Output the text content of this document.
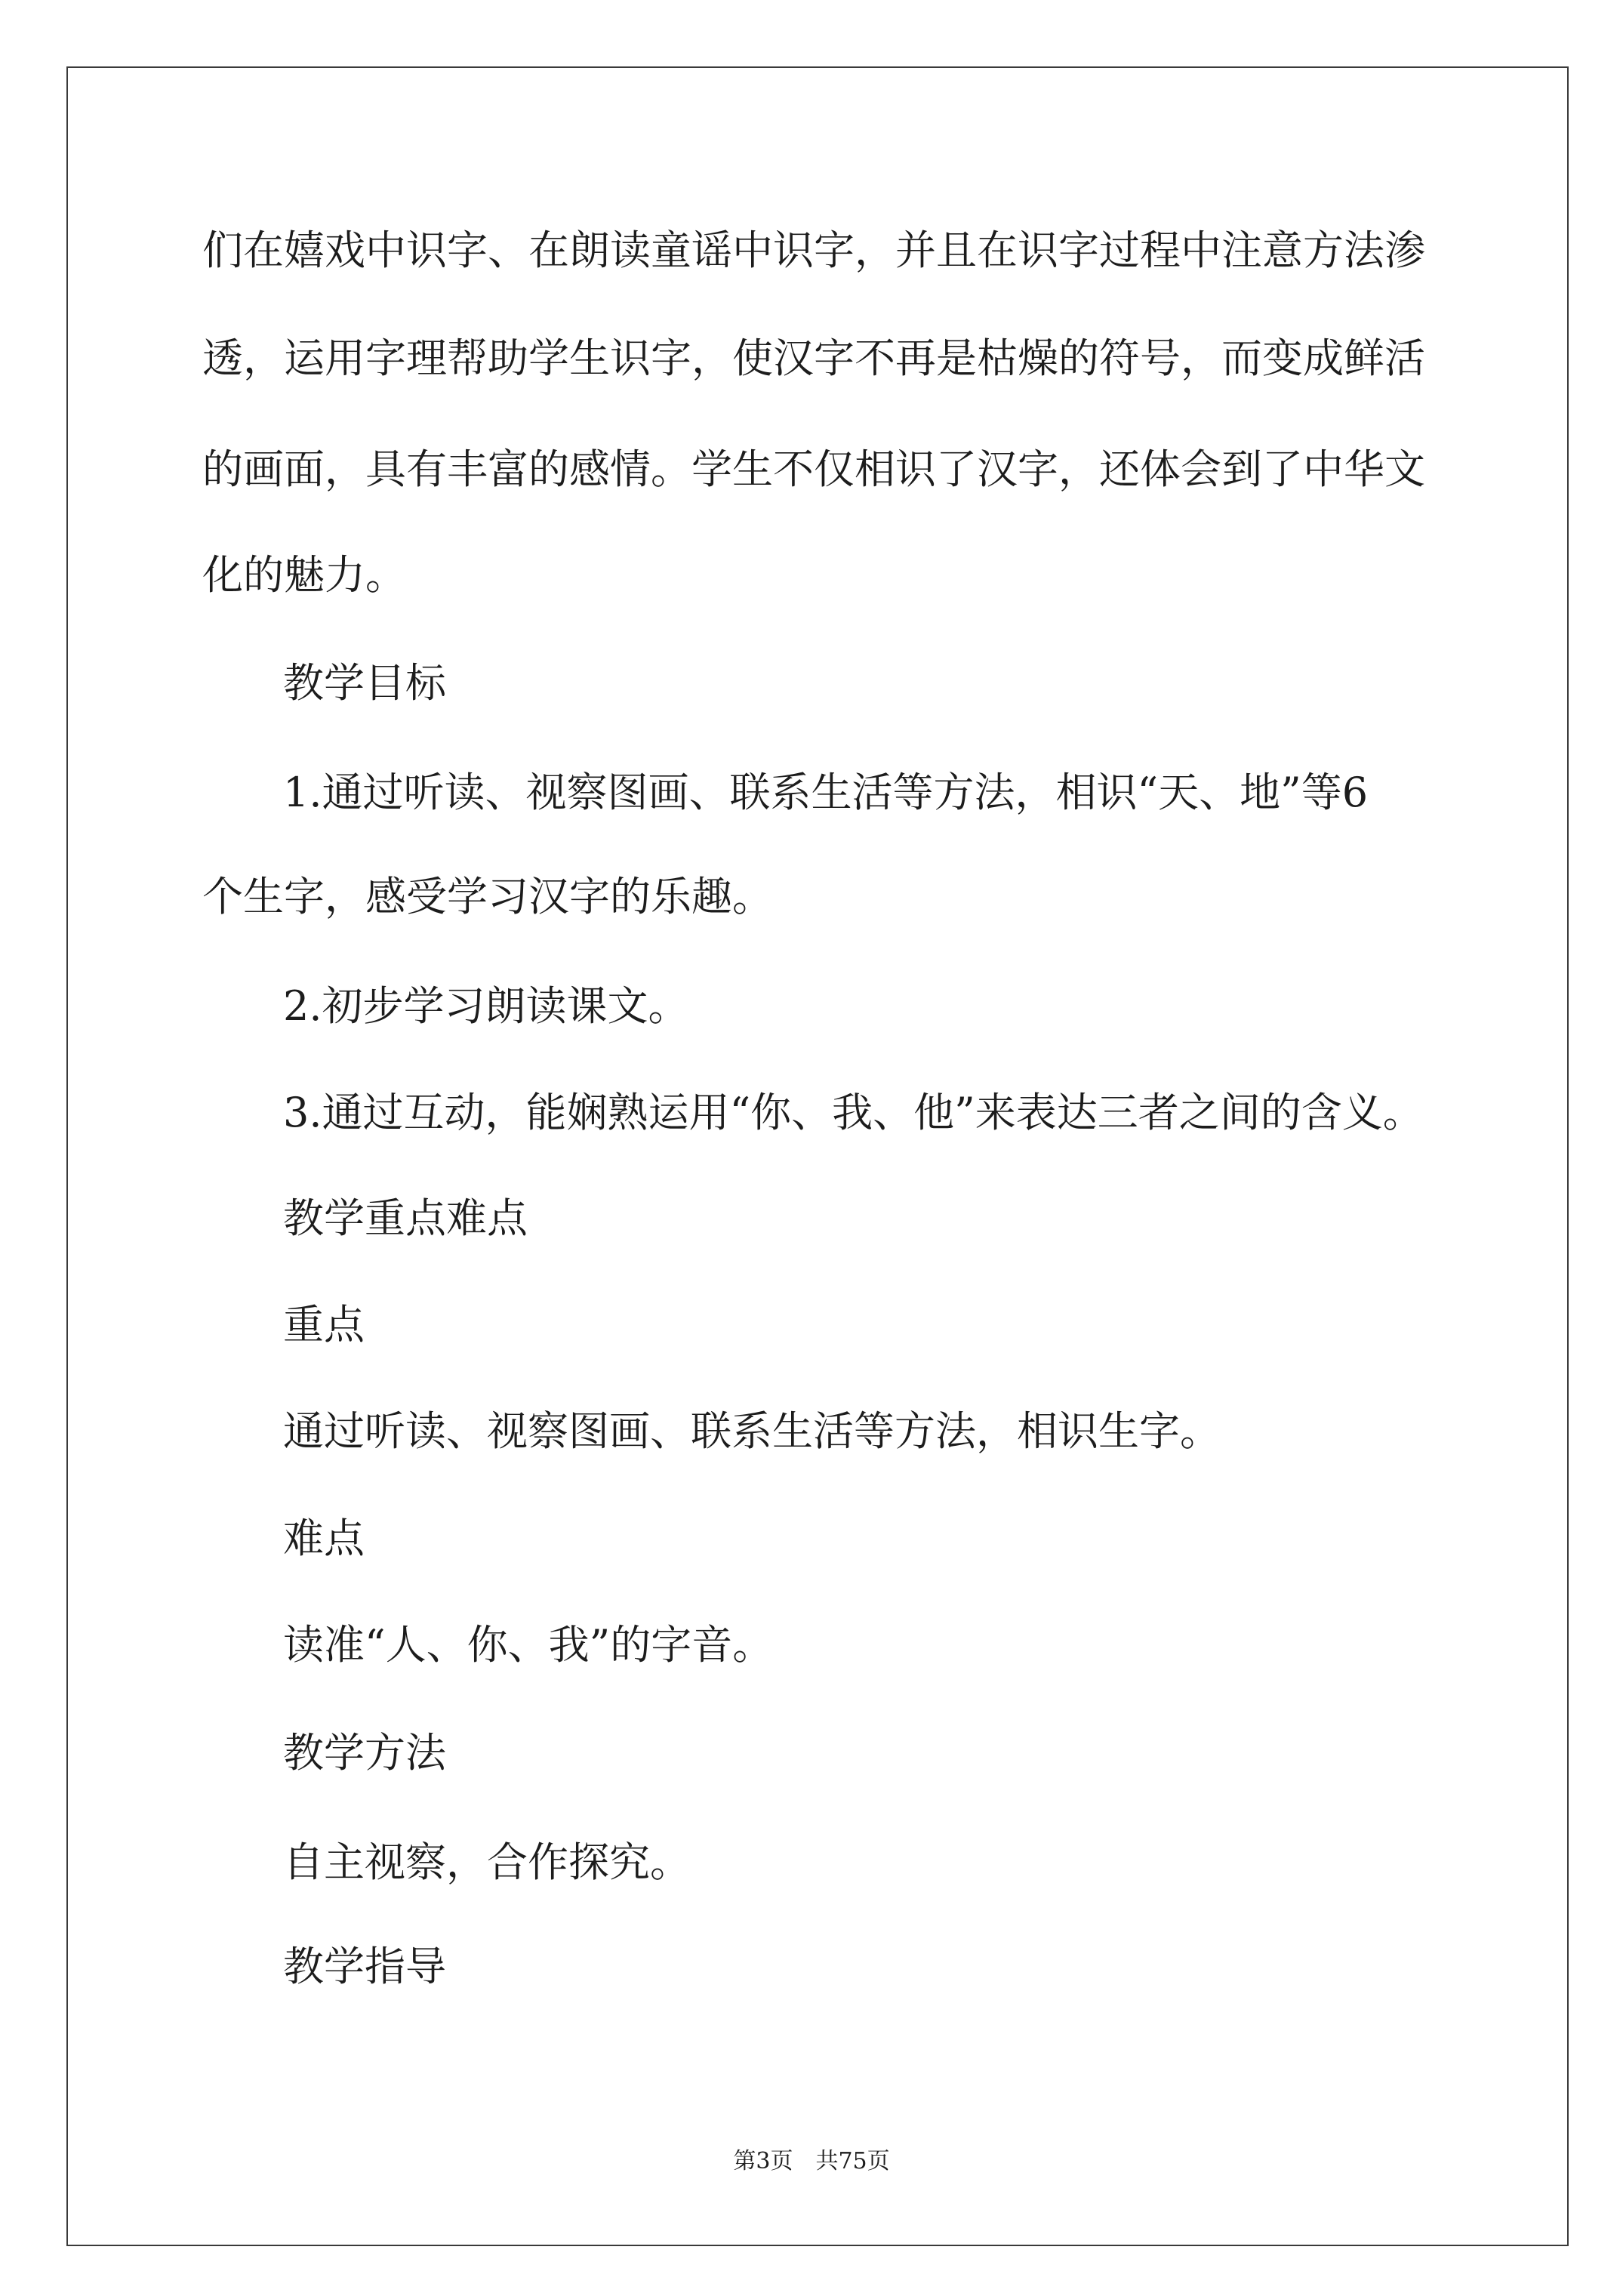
们在嬉戏中识字、在朗读童谣中识字，并且在识字过程中注意方法渗
透，运用字理帮助学生识字，使汉字不再是枯燥的符号，而变成鲜活
的画面，具有丰富的感情。学生不仅相识了汉字，还体会到了中华文
化的魅力。
教学目标
1.通过听读、视察图画、联系生活等方法，相识“天、地”等6
个生字，感受学习汉字的乐趣。
2.初步学习朗读课文。
3.通过互动，能娴熟运用“你、我、他”来表达三者之间的含义。
教学重点难点
重点
通过听读、视察图画、联系生活等方法，相识生字。
难点
读准“人、你、我”的字音。
教学方法
自主视察，合作探究。
教学指导
第3页　共75页
